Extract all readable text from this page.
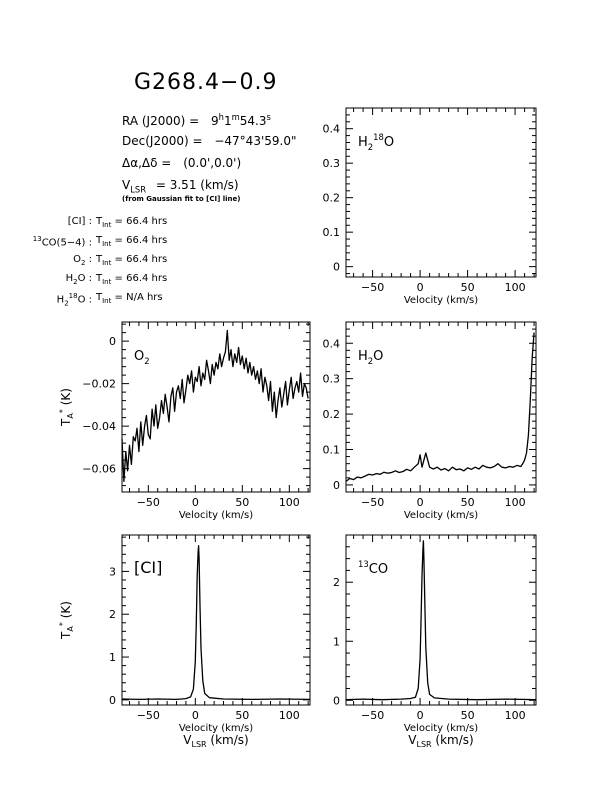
G268.4−0.9
RA $(J2000) = 9^h1^m54.3^s$
Dec(J2000) = −47°43'59.0"
Δα,Δδ = (0.0',0.0')
$V_{LSR} = 3.51$ (km/s)
(from Gaussian fit to [CI] line)
[CI] : $T_{Int} = 66.4$ hrs
$^{13}$CO(5−4) : $T_{Int} = 66.4$ hrs
$O_2$ : $T_{Int} = 66.4$ hrs
$H_2O$ : $T_{Int} = 66.4$ hrs
$H_2^{18}O$ : $T_{Int} = N/A$ hrs
−50	0	50	100
0
0.1
0.2
0.3
0.4
Velocity (km/s)
$H_2^{18}O$
−50	0	50	100
−0.06
−0.04
−0.02
0
Velocity (km/s)
$T_A^*$ (K)
$O_2$
−50	0	50	100
0
0.1
0.2
0.3
0.4
Velocity (km/s)
$H_2O$
−50	0	50	100
0
1
2
3
Velocity (km/s)
$V_{LSR}$ (km/s)
$T_A^*$ (K)
[CI]
−50	0	50	100
0
1
2
Velocity (km/s)
$V_{LSR}$ (km/s)
$^{13}$CO
